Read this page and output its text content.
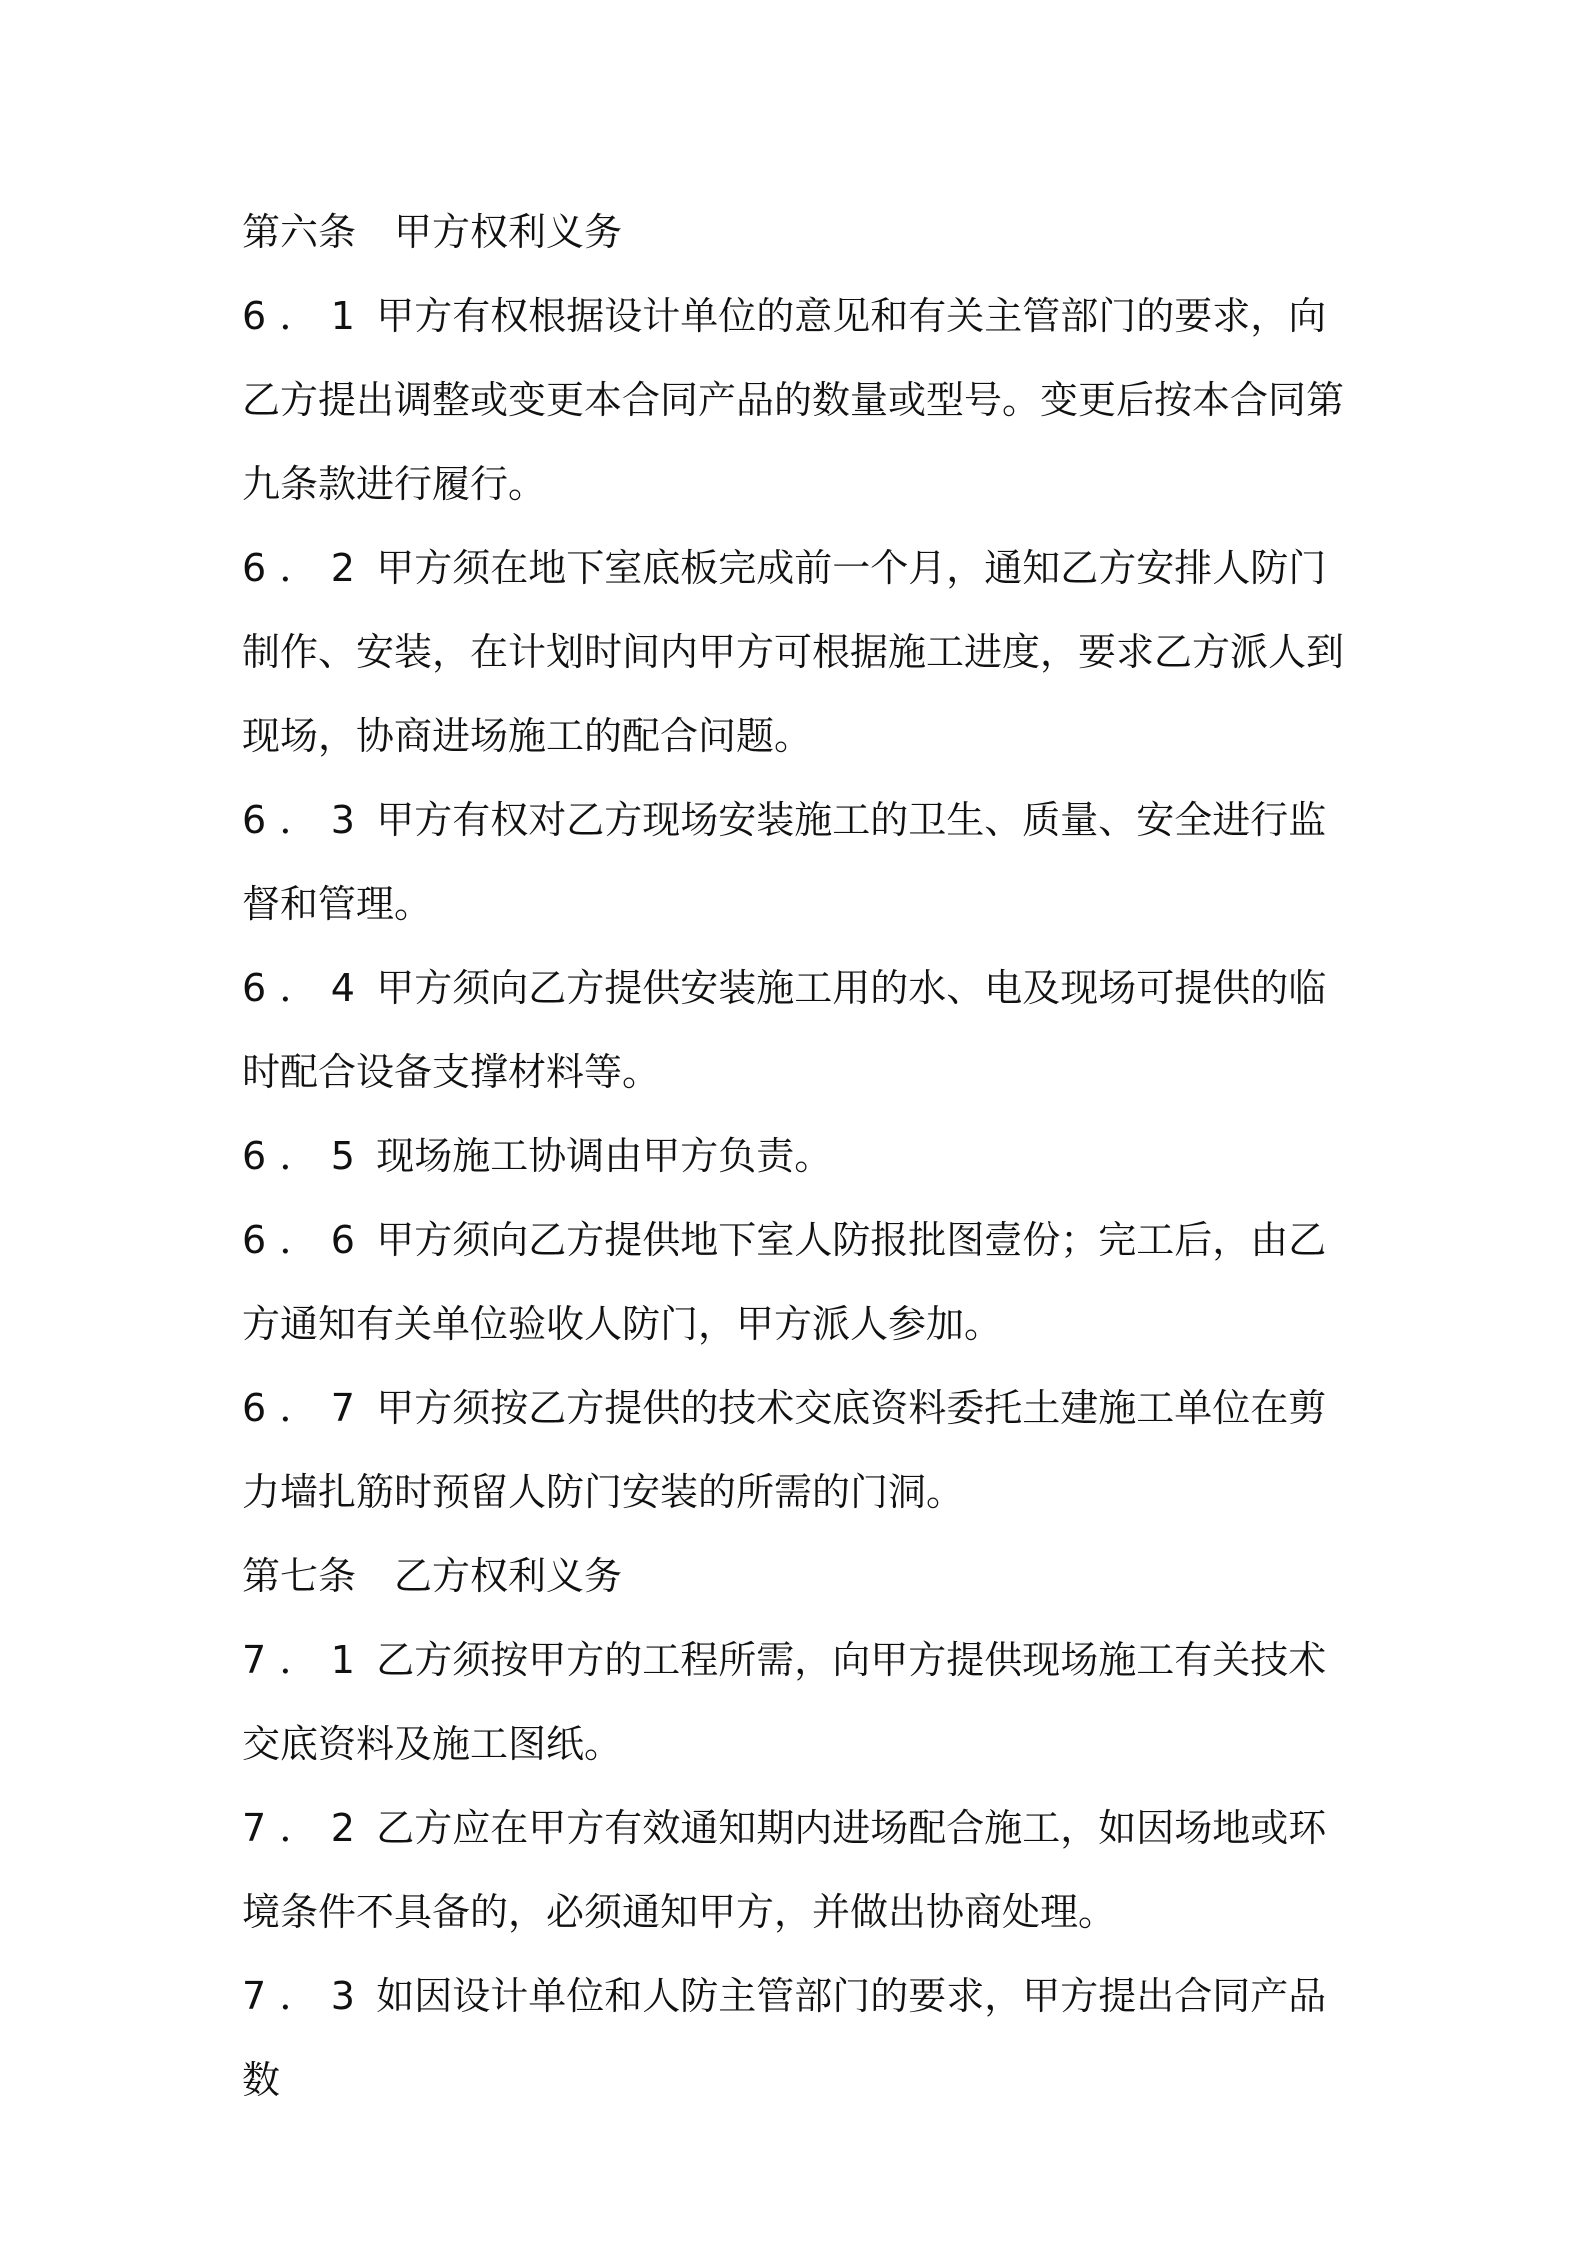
第六条 甲方权利义务

6．1 甲方有权根据设计单位的意见和有关主管部门的要求，向乙方提出调整或变更本合同产品的数量或型号。变更后按本合同第九条款进行履行。

6．2 甲方须在地下室底板完成前一个月，通知乙方安排人防门制作、安装，在计划时间内甲方可根据施工进度，要求乙方派人到现场，协商进场施工的配合问题。

6．3 甲方有权对乙方现场安装施工的卫生、质量、安全进行监督和管理。

6．4 甲方须向乙方提供安装施工用的水、电及现场可提供的临时配合设备支撑材料等。

6．5 现场施工协调由甲方负责。

6．6 甲方须向乙方提供地下室人防报批图壹份；完工后，由乙方通知有关单位验收人防门，甲方派人参加。

6．7 甲方须按乙方提供的技术交底资料委托土建施工单位在剪力墙扎筋时预留人防门安装的所需的门洞。

第七条 乙方权利义务

7．1 乙方须按甲方的工程所需，向甲方提供现场施工有关技术交底资料及施工图纸。

7．2 乙方应在甲方有效通知期内进场配合施工，如因场地或环境条件不具备的，必须通知甲方，并做出协商处理。

7．3 如因设计单位和人防主管部门的要求，甲方提出合同产品数
